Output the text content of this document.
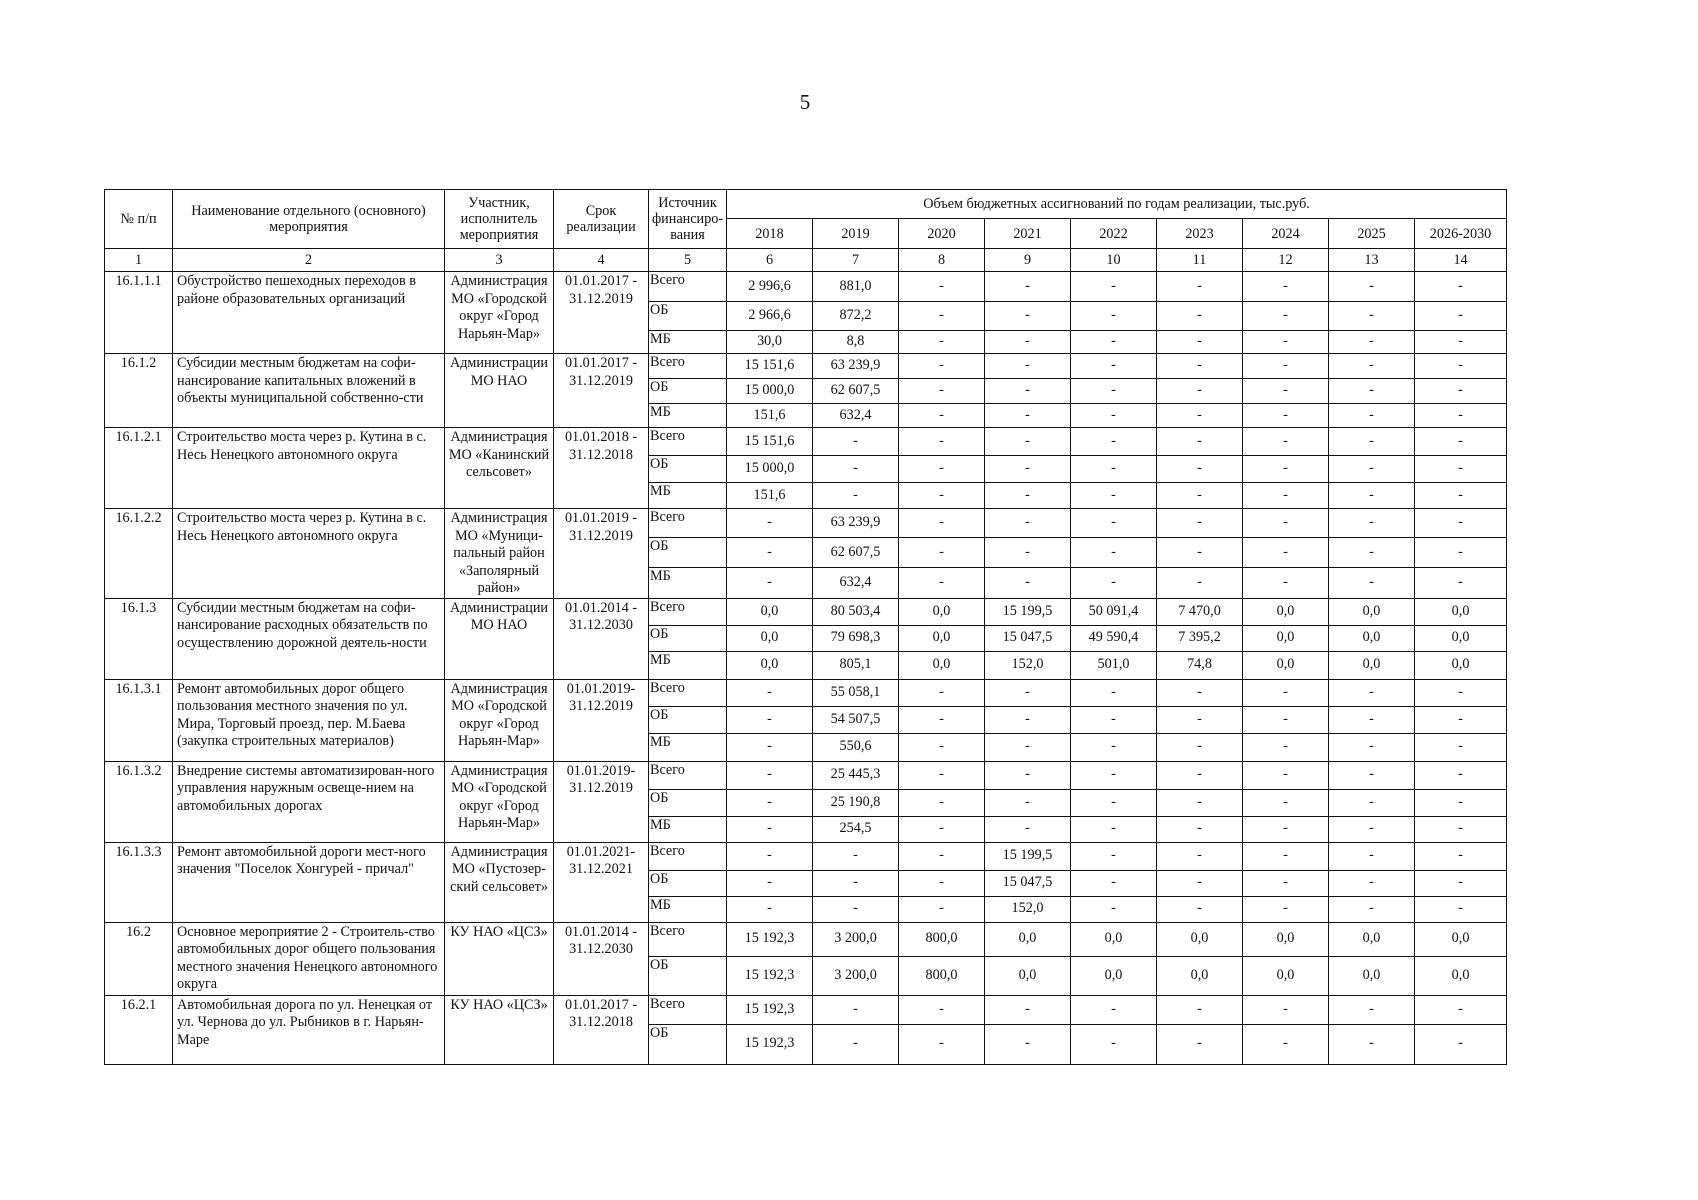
5
№ п/п	Наименование отдельного (основного) мероприятия	Участник, исполнитель мероприятия	Срок реализации	Источник финансиро-вания	Объем бюджетных ассигнований по годам реализации, тыс.руб.								
					2018	2019	2020	2021	2022	2023	2024	2025	2026-2030
1	2	3	4	5	6	7	8	9	10	11	12	13	14
16.1.1.1	Обустройство пешеходных переходов в районе образовательных организаций	Администрация МО «Городской округ «Город Нарьян-Мар»	01.01.2017 - 31.12.2019	Всего	2 996,6	881,0	-	-	-	-	-	-	-
				ОБ	2 966,6	872,2	-	-	-	-	-	-	-
				МБ	30,0	8,8	-	-	-	-	-	-	-
16.1.2	Субсидии местным бюджетам на софи-нансирование капитальных вложений в объекты муниципальной собственно-сти	Администрации МО НАО	01.01.2017 - 31.12.2019	Всего	15 151,6	63 239,9	-	-	-	-	-	-	-
				ОБ	15 000,0	62 607,5	-	-	-	-	-	-	-
				МБ	151,6	632,4	-	-	-	-	-	-	-
16.1.2.1	Строительство моста через р. Кутина в с. Несь Ненецкого автономного округа	Администрация МО «Канинский сельсовет»	01.01.2018 - 31.12.2018	Всего	15 151,6	-	-	-	-	-	-	-	-
				ОБ	15 000,0	-	-	-	-	-	-	-	-
				МБ	151,6	-	-	-	-	-	-	-	-
16.1.2.2	Строительство моста через р. Кутина в с. Несь Ненецкого автономного округа	Администрация МО «Муници-пальный район «Заполярный район»	01.01.2019 - 31.12.2019	Всего	-	63 239,9	-	-	-	-	-	-	-
				ОБ	-	62 607,5	-	-	-	-	-	-	-
				МБ	-	632,4	-	-	-	-	-	-	-
16.1.3	Субсидии местным бюджетам на софи-нансирование расходных обязательств по осуществлению дорожной деятель-ности	Администрации МО НАО	01.01.2014 - 31.12.2030	Всего	0,0	80 503,4	0,0	15 199,5	50 091,4	7 470,0	0,0	0,0	0,0
				ОБ	0,0	79 698,3	0,0	15 047,5	49 590,4	7 395,2	0,0	0,0	0,0
				МБ	0,0	805,1	0,0	152,0	501,0	74,8	0,0	0,0	0,0
16.1.3.1	Ремонт автомобильных дорог общего пользования местного значения по ул. Мира, Торговый проезд, пер. М.Баева (закупка строительных материалов)	Администрация МО «Городской округ «Город Нарьян-Мар»	01.01.2019- 31.12.2019	Всего	-	55 058,1	-	-	-	-	-	-	-
				ОБ	-	54 507,5	-	-	-	-	-	-	-
				МБ	-	550,6	-	-	-	-	-	-	-
16.1.3.2	Внедрение системы автоматизирован-ного управления наружным освеще-нием на автомобильных дорогах	Администрация МО «Городской округ «Город Нарьян-Мар»	01.01.2019- 31.12.2019	Всего	-	25 445,3	-	-	-	-	-	-	-
				ОБ	-	25 190,8	-	-	-	-	-	-	-
				МБ	-	254,5	-	-	-	-	-	-	-
16.1.3.3	Ремонт автомобильной дороги мест-ного значения "Поселок Хонгурей - причал"	Администрация МО «Пустозер-ский сельсовет»	01.01.2021- 31.12.2021	Всего	-	-	-	15 199,5	-	-	-	-	-
				ОБ	-	-	-	15 047,5	-	-	-	-	-
				МБ	-	-	-	152,0	-	-	-	-	-
16.2	Основное мероприятие 2 - Строитель-ство автомобильных дорог общего пользования местного значения Ненецкого автономного округа	КУ НАО «ЦСЗ»	01.01.2014 - 31.12.2030	Всего	15 192,3	3 200,0	800,0	0,0	0,0	0,0	0,0	0,0	0,0
				ОБ	15 192,3	3 200,0	800,0	0,0	0,0	0,0	0,0	0,0	0,0
16.2.1	Автомобильная дорога по ул. Ненецкая от ул. Чернова до ул. Рыбников в г. Нарьян-Маре	КУ НАО «ЦСЗ»	01.01.2017 - 31.12.2018	Всего	15 192,3	-	-	-	-	-	-	-	-
				ОБ	15 192,3	-	-	-	-	-	-	-	-
